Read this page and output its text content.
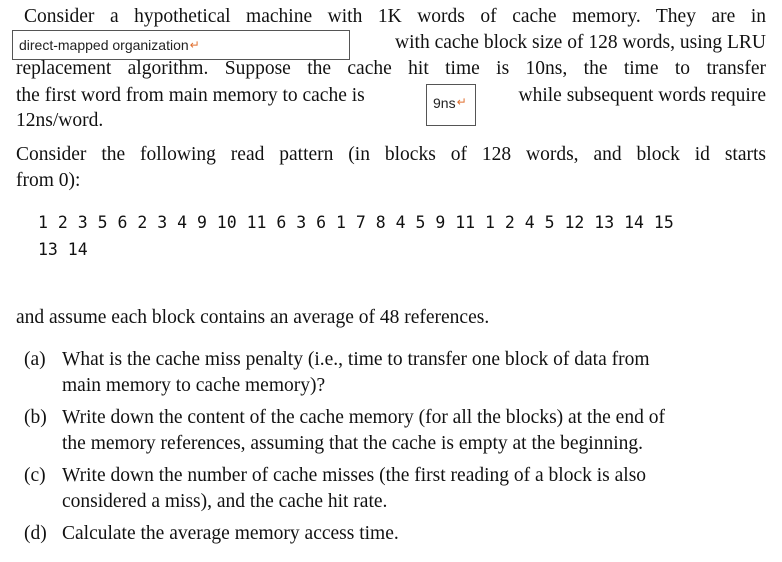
Consider a hypothetical machine with 1K words of cache memory. They are in
with cache block size of 128 words, using LRU
direct-mapped organization ↵
replacement algorithm. Suppose the cache hit time is 10ns, the time to transfer
the first word from main memory to cache is	9ns ↵	while subsequent words require
12ns/word.
Consider the following read pattern (in blocks of 128 words, and block id starts
from 0):
1 2 3 5 6 2 3 4 9 10 11 6 3 6 1 7 8 4 5 9 11 1 2 4 5 12 13 14 15
13 14
and assume each block contains an average of 48 references.
(a) What is the cache miss penalty (i.e., time to transfer one block of data from
main memory to cache memory)?
(b) Write down the content of the cache memory (for all the blocks) at the end of
the memory references, assuming that the cache is empty at the beginning.
(c) Write down the number of cache misses (the first reading of a block is also
considered a miss), and the cache hit rate.
(d) Calculate the average memory access time.
